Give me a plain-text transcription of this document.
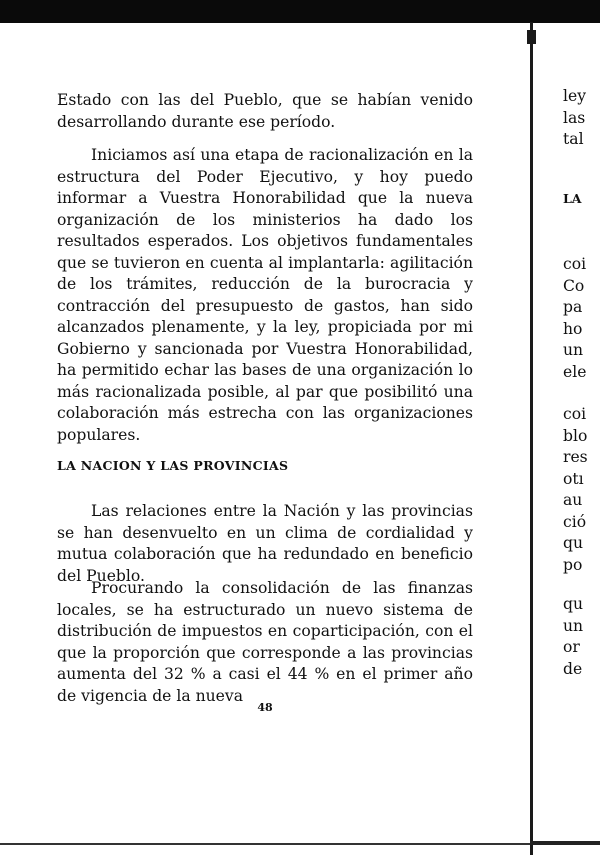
Estado con las del Pueblo, que se habían venido desarrollando durante ese período.

Iniciamos así una etapa de racionalización en la estructura del Poder Ejecutivo, y hoy puedo informar a Vuestra Honorabilidad que la nueva organización de los ministerios ha dado los resultados esperados. Los objetivos fundamentales que se tuvieron en cuenta al implantarla: agilitación de los trámites, reducción de la burocracia y contracción del presupuesto de gastos, han sido alcanzados plenamente, y la ley, propiciada por mi Gobierno y sancionada por Vuestra Honorabilidad, ha permitido echar las bases de una organización lo más racionalizada posible, al par que posibilitó una colaboración más estrecha con las organizaciones populares.

LA NACION Y LAS PROVINCIAS

Las relaciones entre la Nación y las provincias se han desenvuelto en un clima de cordialidad y mutua colaboración que ha redundado en beneficio del Pueblo.

Procurando la consolidación de las finanzas locales, se ha estructurado un nuevo sistema de distribución de impuestos en coparticipación, con el que la proporción que corresponde a las provincias aumenta del 32 % a casi el 44 % en el primer año de vigencia de la nueva

48
ley
las
tal
LA
coi
Co
pa
ho
un
ele
coi
blo
res
otı
au
ció
qu
po
qu
un
or
de
